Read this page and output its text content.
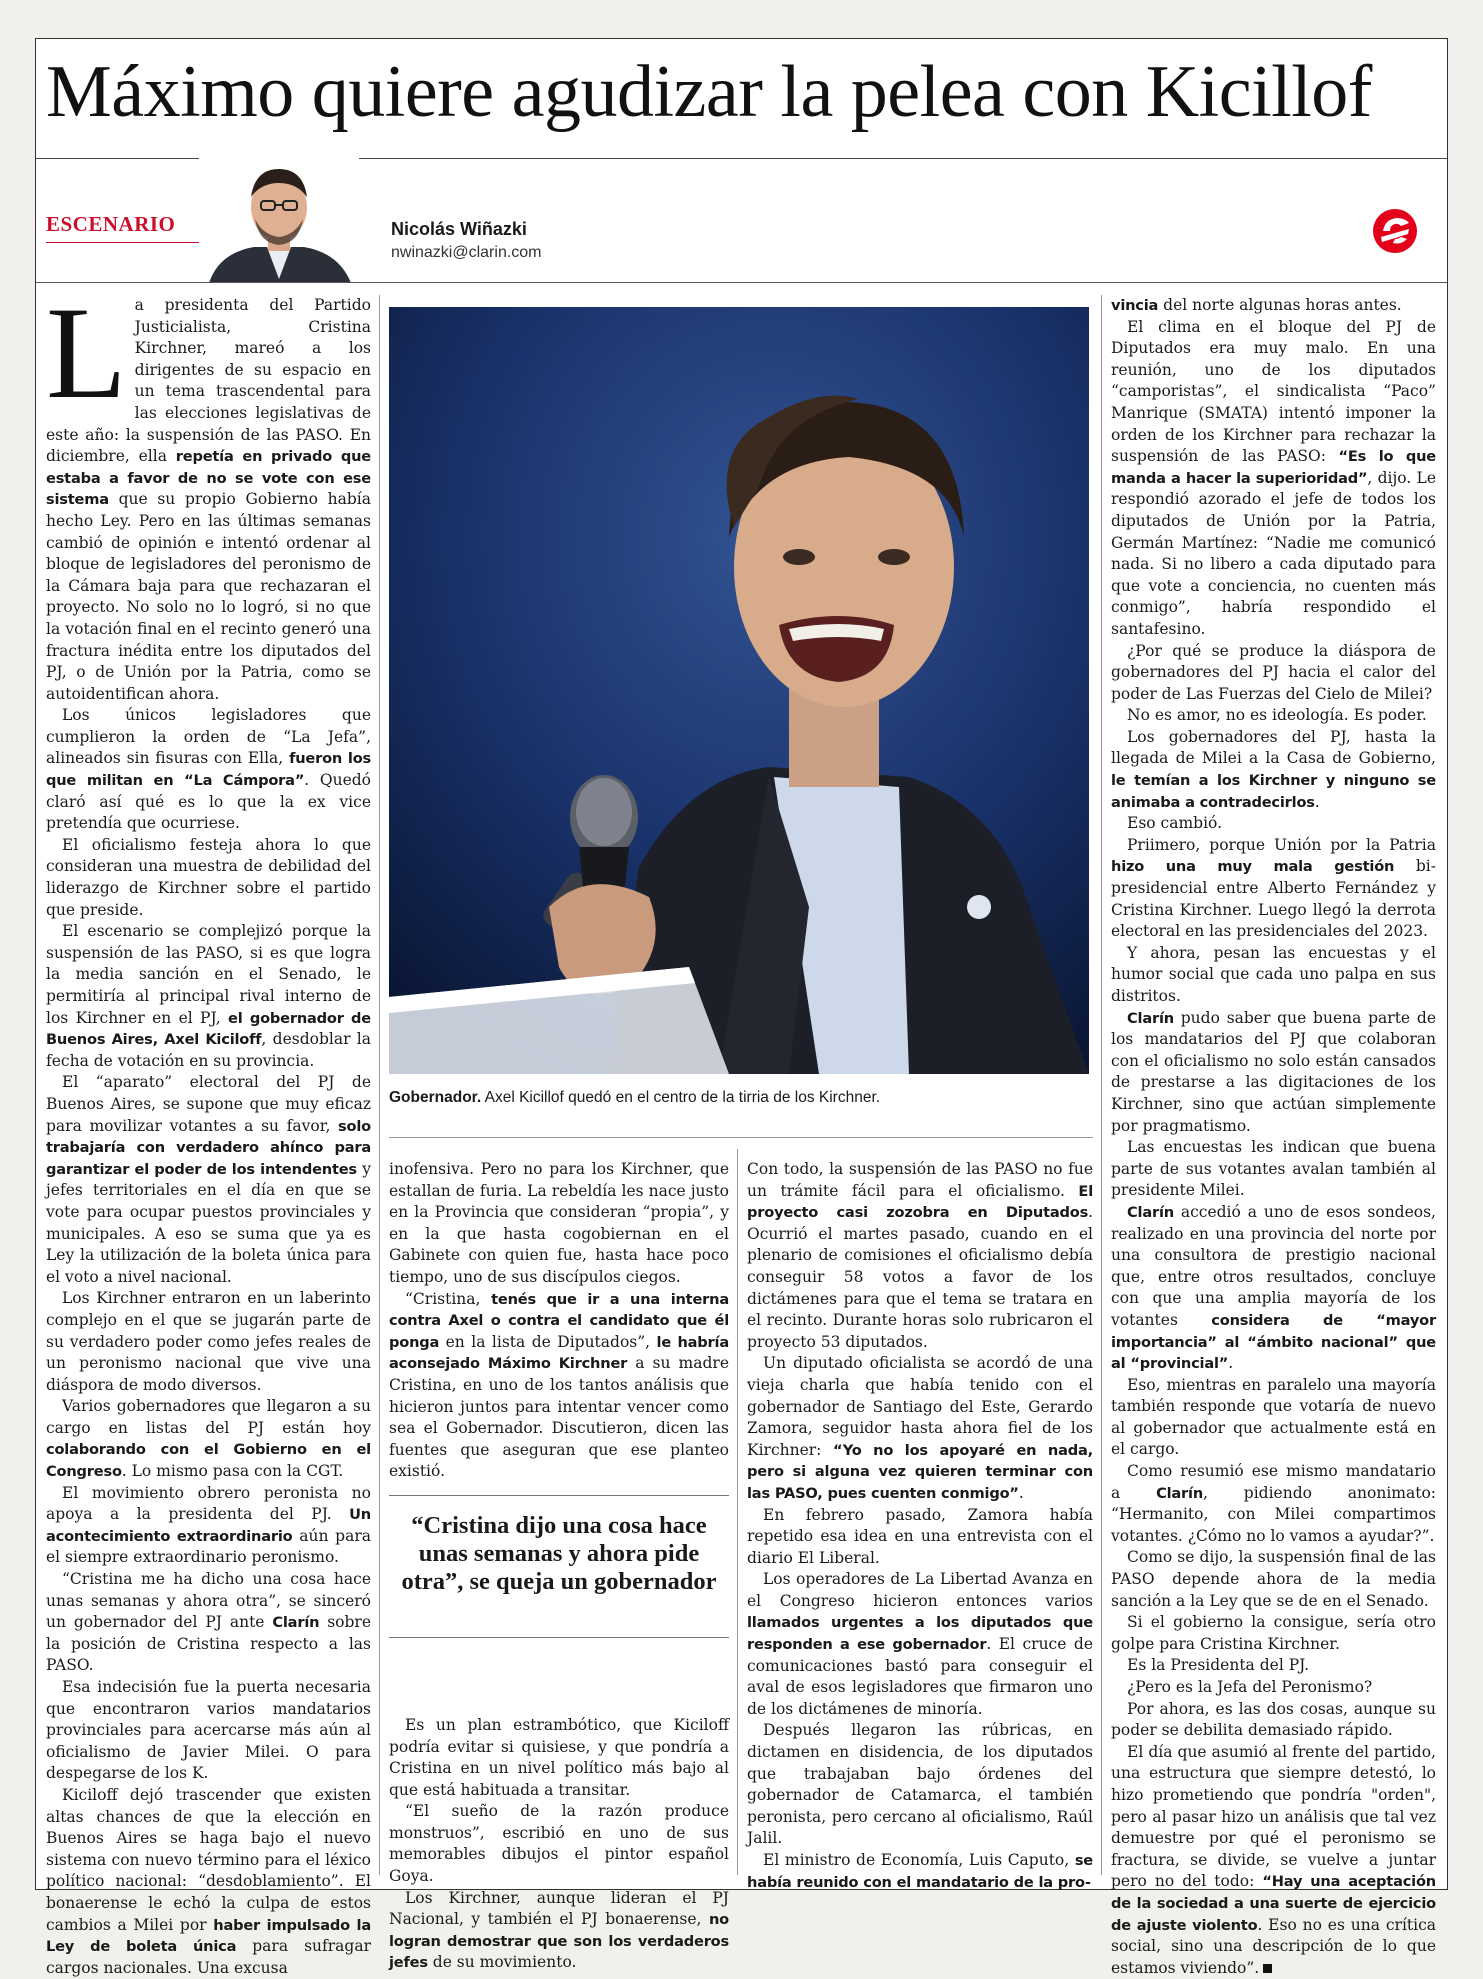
Máximo quiere agudizar la pelea con Kicillof
ESCENARIO	Nicolás Wiñazki
nwinazki@clarin.com

La presidenta del Partido Justicialista, Cristina Kirchner, mareó a los dirigentes de su espacio en un tema trascendental para las elecciones legislativas de este año: la suspensión de las PASO. En diciembre, ella repetía en privado que estaba a favor de no se vote con ese sistema que su propio Gobierno había hecho Ley. Pero en las últimas semanas cambió de opinión e intentó ordenar al bloque de legisladores del peronismo de la Cámara baja para que rechazaran el proyecto. No solo no lo logró, si no que la votación final en el recinto generó una fractura inédita entre los diputados del PJ, o de Unión por la Patria, como se autoidentifican ahora.

Los únicos legisladores que cumplieron la orden de “La Jefa”, alineados sin fisuras con Ella, fueron los que militan en “La Cámpora”. Quedó claró así qué es lo que la ex vice pretendía que ocurriese.

El oficialismo festeja ahora lo que consideran una muestra de debilidad del liderazgo de Kirchner sobre el partido que preside.

El escenario se complejizó porque la suspensión de las PASO, si es que logra la media sanción en el Senado, le permitiría al principal rival interno de los Kirchner en el PJ, el gobernador de Buenos Aires, Axel Kiciloff, desdoblar la fecha de votación en su provincia.

El “aparato” electoral del PJ de Buenos Aires, se supone que muy eficaz para movilizar votantes a su favor, solo trabajaría con verdadero ahínco para garantizar el poder de los intendentes y jefes territoriales en el día en que se vote para ocupar puestos provinciales y municipales. A eso se suma que ya es Ley la utilización de la boleta única para el voto a nivel nacional.

Los Kirchner entraron en un laberinto complejo en el que se jugarán parte de su verdadero poder como jefes reales de un peronismo nacional que vive una diáspora de modo diversos.

Varios gobernadores que llegaron a su cargo en listas del PJ están hoy colaborando con el Gobierno en el Congreso. Lo mismo pasa con la CGT.

El movimiento obrero peronista no apoya a la presidenta del PJ. Un acontecimiento extraordinario aún para el siempre extraordinario peronismo.

“Cristina me ha dicho una cosa hace unas semanas y ahora otra”, se sinceró un gobernador del PJ ante Clarín sobre la posición de Cristina respecto a las PASO.

Esa indecisión fue la puerta necesaria que encontraron varios mandatarios provinciales para acercarse más aún al oficialismo de Javier Milei. O para despegarse de los K.

Kiciloff dejó trascender que existen altas chances de que la elección en Buenos Aires se haga bajo el nuevo sistema con nuevo término para el léxico político nacional: “desdoblamiento”. El bonaerense le echó la culpa de estos cambios a Milei por haber impulsado la Ley de boleta única para sufragar cargos nacionales. Una excusa

Gobernador. Axel Kicillof quedó en el centro de la tirria de los Kirchner.

inofensiva. Pero no para los Kirchner, que estallan de furia. La rebeldía les nace justo en la Provincia que consideran “propia”, y en la que hasta cogobiernan en el Gabinete con quien fue, hasta hace poco tiempo, uno de sus discípulos ciegos.

“Cristina, tenés que ir a una interna contra Axel o contra el candidato que él ponga en la lista de Diputados”, le habría aconsejado Máximo Kirchner a su madre Cristina, en uno de los tantos análisis que hicieron juntos para intentar vencer como sea el Gobernador. Discutieron, dicen las fuentes que aseguran que ese planteo existió.

Es un plan estrambótico, que Kiciloff podría evitar si quisiese, y que pondría a Cristina en un nivel político más bajo al que está habituada a transitar.

“El sueño de la razón produce monstruos”, escribió en uno de sus memorables dibujos el pintor español Goya.

Los Kirchner, aunque lideran el PJ Nacional, y también el PJ bonaerense, no logran demostrar que son los verdaderos jefes de su movimiento.

“Cristina dijo una cosa hace unas semanas y ahora pide otra”, se queja un gobernador

Con todo, la suspensión de las PASO no fue un trámite fácil para el oficialismo. El proyecto casi zozobra en Diputados. Ocurrió el martes pasado, cuando en el plenario de comisiones el oficialismo debía conseguir 58 votos a favor de los dictámenes para que el tema se tratara en el recinto. Durante horas solo rubricaron el proyecto 53 diputados.

Un diputado oficialista se acordó de una vieja charla que había tenido con el gobernador de Santiago del Este, Gerardo Zamora, seguidor hasta ahora fiel de los Kirchner: “Yo no los apoyaré en nada, pero si alguna vez quieren terminar con las PASO, pues cuenten conmigo”.

En febrero pasado, Zamora había repetido esa idea en una entrevista con el diario El Liberal.

Los operadores de La Libertad Avanza en el Congreso hicieron entonces varios llamados urgentes a los diputados que responden a ese gobernador. El cruce de comunicaciones bastó para conseguir el aval de esos legisladores que firmaron uno de los dictámenes de minoría.

Después llegaron las rúbricas, en dictamen en disidencia, de los diputados que trabajaban bajo órdenes del gobernador de Catamarca, el también peronista, pero cercano al oficialismo, Raúl Jalil.

El ministro de Economía, Luis Caputo, se había reunido con el mandatario de la pro-

vincia del norte algunas horas antes.

El clima en el bloque del PJ de Diputados era muy malo. En una reunión, uno de los diputados “camporistas”, el sindicalista “Paco” Manrique (SMATA) intentó imponer la orden de los Kirchner para rechazar la suspensión de las PASO: “Es lo que manda a hacer la superioridad”, dijo. Le respondió azorado el jefe de todos los diputados de Unión por la Patria, Germán Martínez: “Nadie me comunicó nada. Si no libero a cada diputado para que vote a conciencia, no cuenten más conmigo”, habría respondido el santafesino.

¿Por qué se produce la diáspora de gobernadores del PJ hacia el calor del poder de Las Fuerzas del Cielo de Milei?

No es amor, no es ideología. Es poder.

Los gobernadores del PJ, hasta la llegada de Milei a la Casa de Gobierno, le temían a los Kirchner y ninguno se animaba a contradecirlos.

Eso cambió.

Priimero, porque Unión por la Patria hizo una muy mala gestión bi-presidencial entre Alberto Fernández y Cristina Kirchner. Luego llegó la derrota electoral en las presidenciales del 2023.

Y ahora, pesan las encuestas y el humor social que cada uno palpa en sus distritos.

Clarín pudo saber que buena parte de los mandatarios del PJ que colaboran con el oficialismo no solo están cansados de prestarse a las digitaciones de los Kirchner, sino que actúan simplemente por pragmatismo.

Las encuestas les indican que buena parte de sus votantes avalan también al presidente Milei.

Clarín accedió a uno de esos sondeos, realizado en una provincia del norte por una consultora de prestigio nacional que, entre otros resultados, concluye con que una amplia mayoría de los votantes considera de “mayor importancia” al “ámbito nacional” que al “provincial”.

Eso, mientras en paralelo una mayoría también responde que votaría de nuevo al gobernador que actualmente está en el cargo.

Como resumió ese mismo mandatario a Clarín, pidiendo anonimato: “Hermanito, con Milei compartimos votantes. ¿Cómo no lo vamos a ayudar?”.

Como se dijo, la suspensión final de las PASO depende ahora de la media sanción a la Ley que se de en el Senado.

Si el gobierno la consigue, sería otro golpe para Cristina Kirchner.

Es la Presidenta del PJ.

¿Pero es la Jefa del Peronismo?

Por ahora, es las dos cosas, aunque su poder se debilita demasiado rápido.

El día que asumió al frente del partido, una estructura que siempre detestó, lo hizo prometiendo que pondría "orden", pero al pasar hizo un análisis que tal vez demuestre por qué el peronismo se fractura, se divide, se vuelve a juntar pero no del todo: “Hay una aceptación de la sociedad a una suerte de ejercicio de ajuste violento. Eso no es una crítica social, sino una descripción de lo que estamos viviendo”.
